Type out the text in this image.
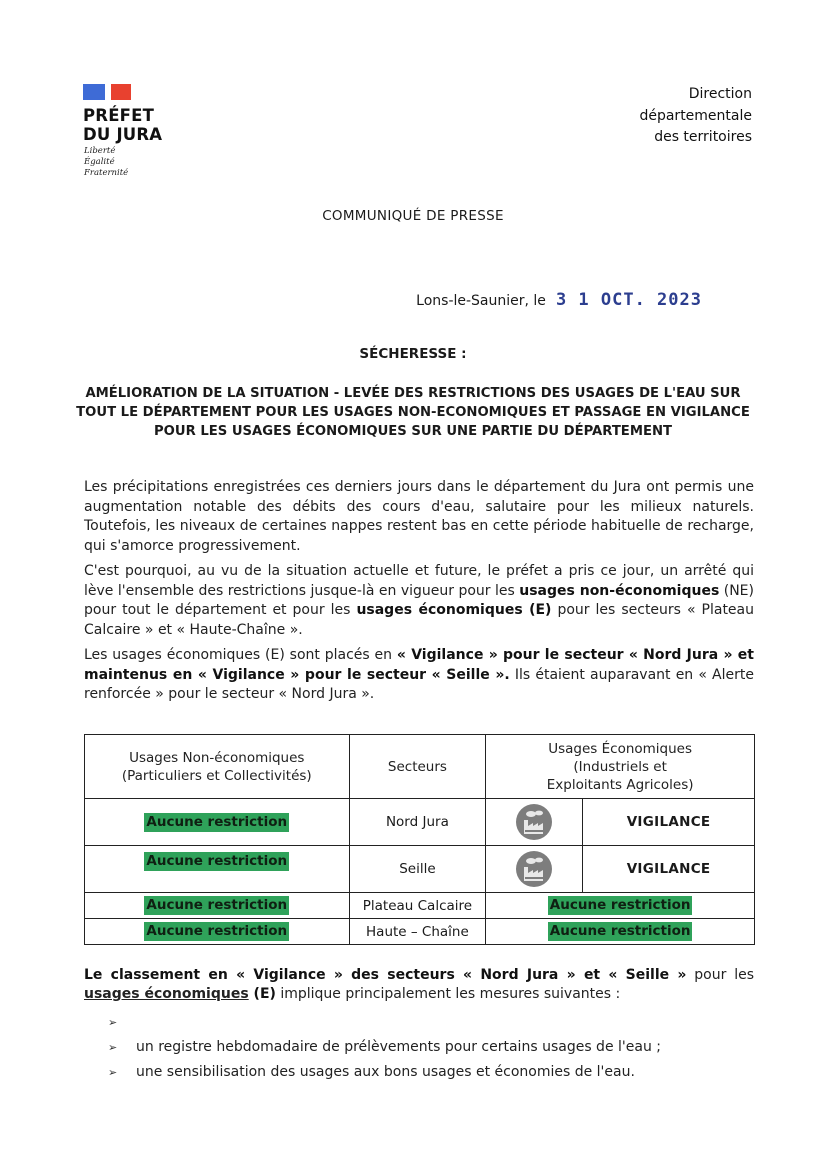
PRÉFET
DU JURA
Liberté
Égalité
Fraternité
Direction
départementale
des territoires
COMMUNIQUÉ DE PRESSE
Lons-le-Saunier, le 3 1 OCT. 2023
SÉCHERESSE :
AMÉLIORATION DE LA SITUATION - LEVÉE DES RESTRICTIONS DES USAGES DE L'EAU SUR TOUT LE DÉPARTEMENT POUR LES USAGES NON-ECONOMIQUES ET PASSAGE EN VIGILANCE POUR LES USAGES ÉCONOMIQUES SUR UNE PARTIE DU DÉPARTEMENT
Les précipitations enregistrées ces derniers jours dans le département du Jura ont permis une augmentation notable des débits des cours d'eau, salutaire pour les milieux naturels. Toutefois, les niveaux de certaines nappes restent bas en cette période habituelle de recharge, qui s'amorce progressivement.
C'est pourquoi, au vu de la situation actuelle et future, le préfet a pris ce jour, un arrêté qui lève l'ensemble des restrictions jusque-là en vigueur pour les usages non-économiques (NE) pour tout le département et pour les usages économiques (E) pour les secteurs « Plateau Calcaire » et « Haute-Chaîne ».
Les usages économiques (E) sont placés en « Vigilance » pour le secteur « Nord Jura » et maintenus en « Vigilance » pour le secteur « Seille ». Ils étaient auparavant en « Alerte renforcée » pour le secteur « Nord Jura ».
Usages Non-économiques (Particuliers et Collectivités)	Secteurs	Usages Économiques (Industriels et Exploitants Agricoles)	
Aucune restriction	Nord Jura		VIGILANCE
Aucune restriction	Seille		VIGILANCE
Aucune restriction	Plateau Calcaire	Aucune restriction	
Aucune restriction	Haute – Chaîne	Aucune restriction	
Le classement en « Vigilance » des secteurs « Nord Jura » et « Seille » pour les usages économiques (E) implique principalement les mesures suivantes :
➢
➢	un registre hebdomadaire de prélèvements pour certains usages de l'eau ;
➢	une sensibilisation des usages aux bons usages et économies de l'eau.
